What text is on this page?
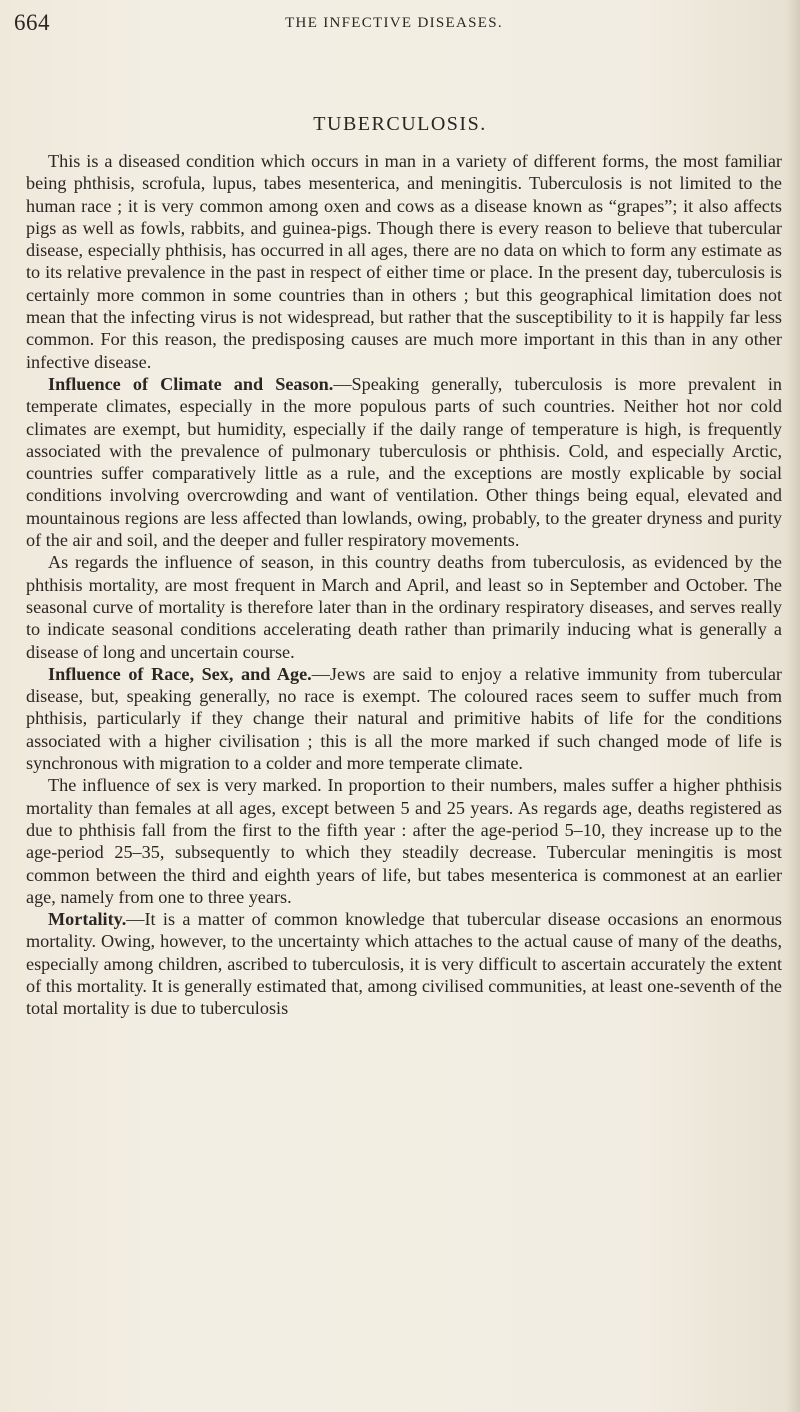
664	THE INFECTIVE DISEASES.
TUBERCULOSIS.

This is a diseased condition which occurs in man in a variety of different forms, the most familiar being phthisis, scrofula, lupus, tabes mesenterica, and meningitis. Tuberculosis is not limited to the human race ; it is very common among oxen and cows as a disease known as “grapes”; it also affects pigs as well as fowls, rabbits, and guinea-pigs. Though there is every reason to believe that tubercular disease, especially phthisis, has occurred in all ages, there are no data on which to form any estimate as to its relative prevalence in the past in respect of either time or place. In the present day, tuberculosis is certainly more common in some countries than in others ; but this geographical limitation does not mean that the infecting virus is not widespread, but rather that the susceptibility to it is happily far less common. For this reason, the predisposing causes are much more important in this than in any other infective disease.

Influence of Climate and Season.—Speaking generally, tuberculosis is more prevalent in temperate climates, especially in the more populous parts of such countries. Neither hot nor cold climates are exempt, but humidity, especially if the daily range of temperature is high, is frequently associated with the prevalence of pulmonary tuberculosis or phthisis. Cold, and especially Arctic, countries suffer comparatively little as a rule, and the exceptions are mostly explicable by social conditions involving overcrowding and want of ventilation. Other things being equal, elevated and mountainous regions are less affected than lowlands, owing, probably, to the greater dryness and purity of the air and soil, and the deeper and fuller respiratory movements.

As regards the influence of season, in this country deaths from tuberculosis, as evidenced by the phthisis mortality, are most frequent in March and April, and least so in September and October. The seasonal curve of mortality is therefore later than in the ordinary respiratory diseases, and serves really to indicate seasonal conditions accelerating death rather than primarily inducing what is generally a disease of long and uncertain course.

Influence of Race, Sex, and Age.—Jews are said to enjoy a relative immunity from tubercular disease, but, speaking generally, no race is exempt. The coloured races seem to suffer much from phthisis, particularly if they change their natural and primitive habits of life for the conditions associated with a higher civilisation ; this is all the more marked if such changed mode of life is synchronous with migration to a colder and more temperate climate.

The influence of sex is very marked. In proportion to their numbers, males suffer a higher phthisis mortality than females at all ages, except between 5 and 25 years. As regards age, deaths registered as due to phthisis fall from the first to the fifth year : after the age-period 5–10, they increase up to the age-period 25–35, subsequently to which they steadily decrease. Tubercular meningitis is most common between the third and eighth years of life, but tabes mesenterica is commonest at an earlier age, namely from one to three years.

Mortality.—It is a matter of common knowledge that tubercular disease occasions an enormous mortality. Owing, however, to the uncertainty which attaches to the actual cause of many of the deaths, especially among children, ascribed to tuberculosis, it is very difficult to ascertain accurately the extent of this mortality. It is generally estimated that, among civilised communities, at least one-seventh of the total mortality is due to tuberculosis
